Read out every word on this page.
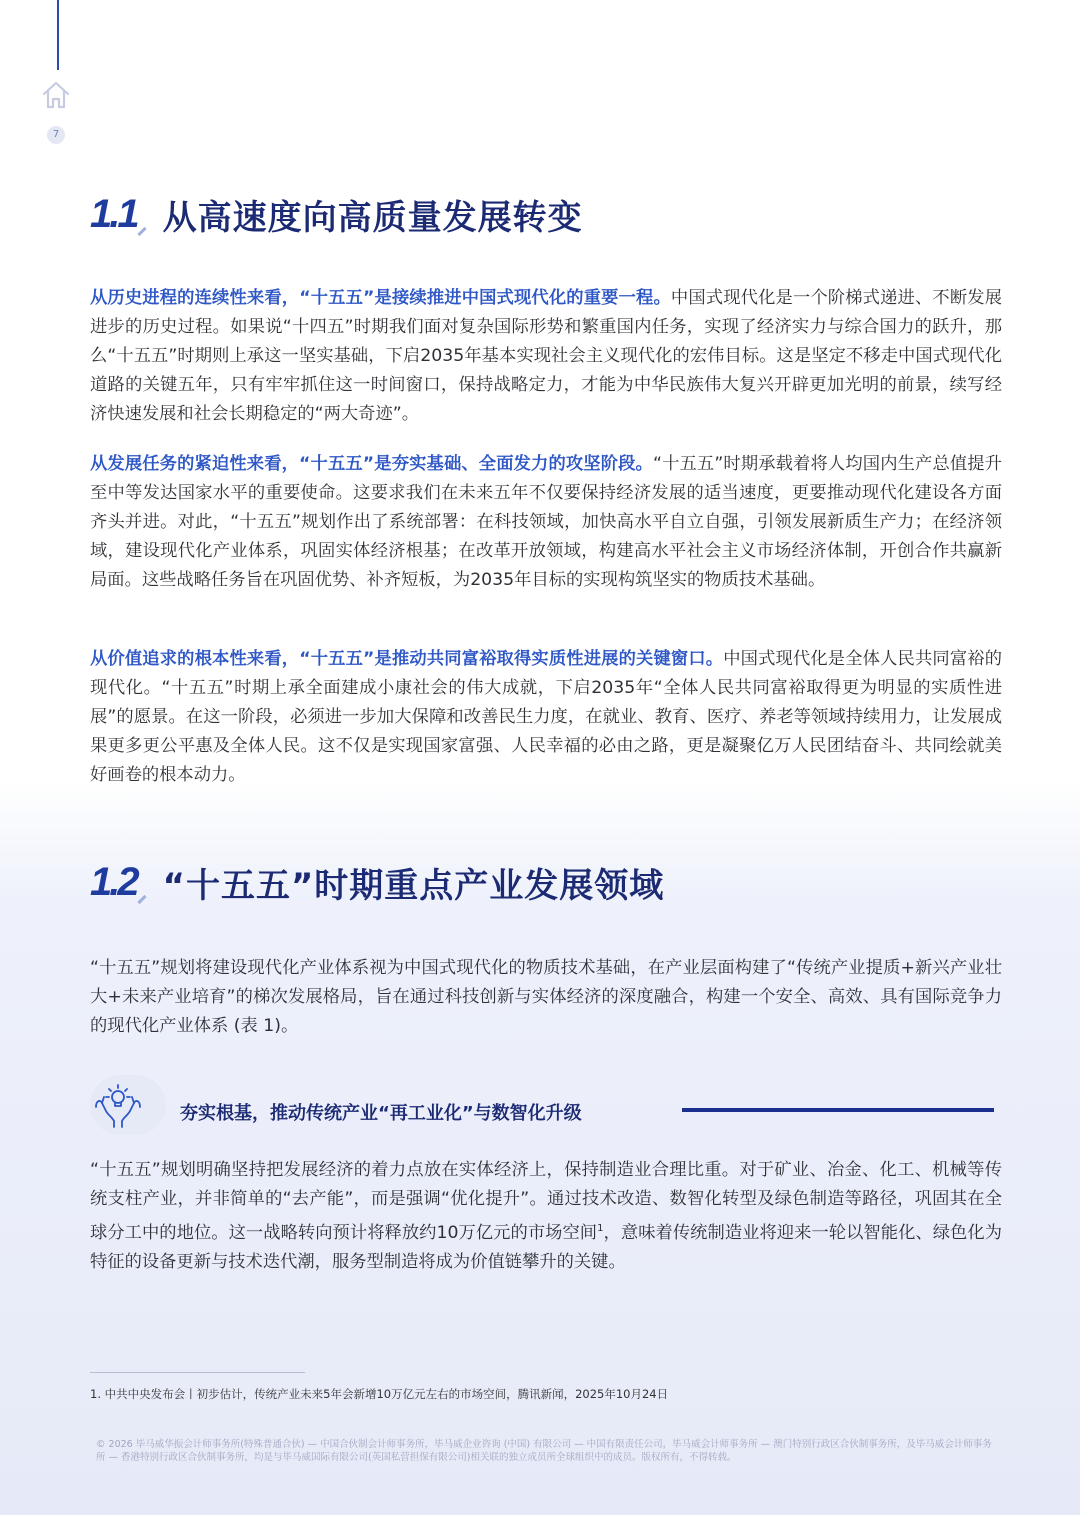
7
1.1 从高速度向高质量发展转变

从历史进程的连续性来看，“十五五”是接续推进中国式现代化的重要一程。中国式现代化是一个阶梯式递进、不断发展进步的历史过程。如果说“十四五”时期我们面对复杂国际形势和繁重国内任务，实现了经济实力与综合国力的跃升，那么“十五五”时期则上承这一坚实基础，下启2035年基本实现社会主义现代化的宏伟目标。这是坚定不移走中国式现代化道路的关键五年，只有牢牢抓住这一时间窗口，保持战略定力，才能为中华民族伟大复兴开辟更加光明的前景，续写经济快速发展和社会长期稳定的“两大奇迹”。

从发展任务的紧迫性来看，“十五五”是夯实基础、全面发力的攻坚阶段。“十五五”时期承载着将人均国内生产总值提升至中等发达国家水平的重要使命。这要求我们在未来五年不仅要保持经济发展的适当速度，更要推动现代化建设各方面齐头并进。对此，“十五五”规划作出了系统部署：在科技领域，加快高水平自立自强，引领发展新质生产力；在经济领域，建设现代化产业体系，巩固实体经济根基；在改革开放领域，构建高水平社会主义市场经济体制，开创合作共赢新局面。这些战略任务旨在巩固优势、补齐短板，为2035年目标的实现构筑坚实的物质技术基础。

从价值追求的根本性来看，“十五五”是推动共同富裕取得实质性进展的关键窗口。中国式现代化是全体人民共同富裕的现代化。“十五五”时期上承全面建成小康社会的伟大成就，下启2035年“全体人民共同富裕取得更为明显的实质性进展”的愿景。在这一阶段，必须进一步加大保障和改善民生力度，在就业、教育、医疗、养老等领域持续用力，让发展成果更多更公平惠及全体人民。这不仅是实现国家富强、人民幸福的必由之路，更是凝聚亿万人民团结奋斗、共同绘就美好画卷的根本动力。

1.2 “十五五”时期重点产业发展领域

“十五五”规划将建设现代化产业体系视为中国式现代化的物质技术基础，在产业层面构建了“传统产业提质+新兴产业壮大+未来产业培育”的梯次发展格局，旨在通过科技创新与实体经济的深度融合，构建一个安全、高效、具有国际竞争力的现代化产业体系 (表 1)。

夯实根基，推动传统产业“再工业化”与数智化升级

“十五五”规划明确坚持把发展经济的着力点放在实体经济上，保持制造业合理比重。对于矿业、冶金、化工、机械等传统支柱产业，并非简单的“去产能”，而是强调“优化提升”。通过技术改造、数智化转型及绿色制造等路径，巩固其在全球分工中的地位。这一战略转向预计将释放约10万亿元的市场空间$^1$，意味着传统制造业将迎来一轮以智能化、绿色化为特征的设备更新与技术迭代潮，服务型制造将成为价值链攀升的关键。

1. 中共中央发布会丨初步估计，传统产业未来5年会新增10万亿元左右的市场空间，腾讯新闻，2025年10月24日
© 2026 毕马威华振会计师事务所(特殊普通合伙) — 中国合伙制会计师事务所，毕马威企业咨询 (中国) 有限公司 — 中国有限责任公司，毕马威会计师事务所 — 澳门特别行政区合伙制事务所，及毕马威会计师事务所 — 香港特别行政区合伙制事务所，均是与毕马威国际有限公司(英国私营担保有限公司)相关联的独立成员所全球组织中的成员。版权所有，不得转载。
